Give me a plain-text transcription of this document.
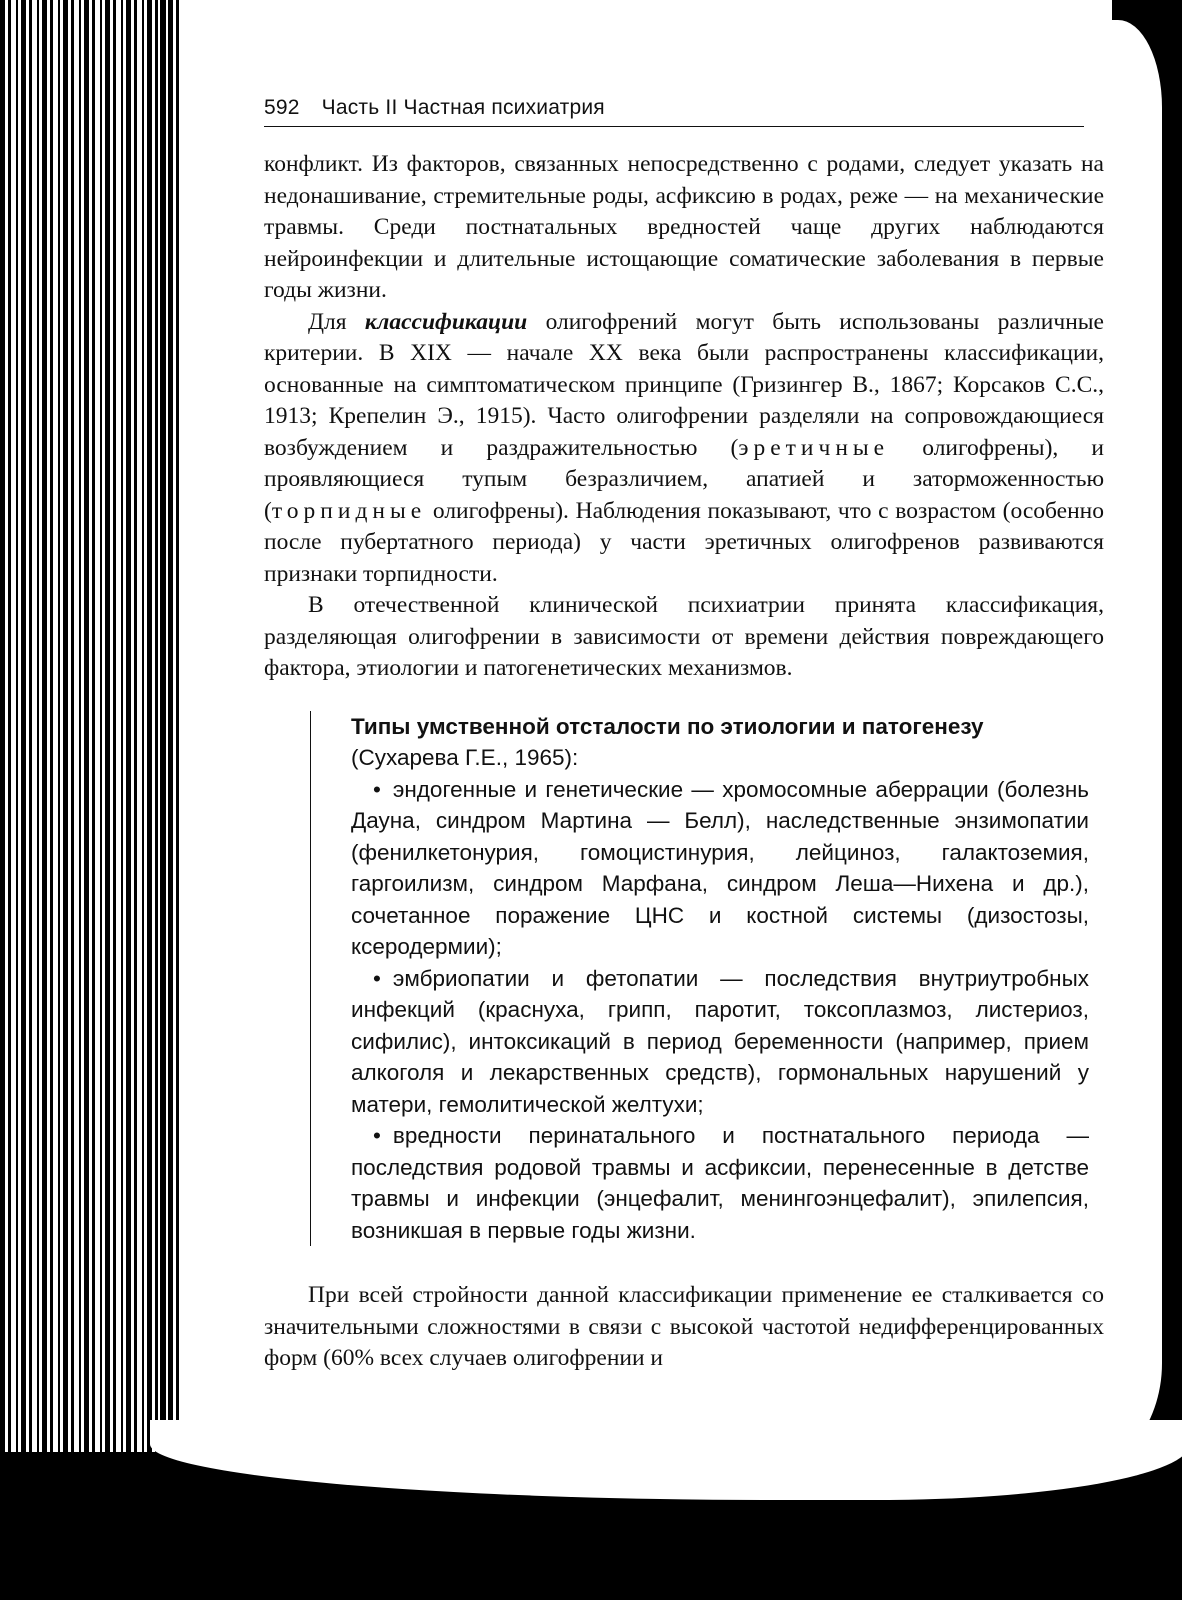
592 Часть II Частная психиатрия

конфликт. Из факторов, связанных непосредственно с родами, следует указать на недонашивание, стремительные роды, асфиксию в родах, реже — на механические травмы. Среди постнатальных вредностей чаще других наблюдаются нейроинфекции и длительные истощающие соматические заболевания в первые годы жизни.

Для классификации олигофрений могут быть использованы различные критерии. В XIX — начале XX века были распространены классификации, основанные на симптоматическом принципе (Гризингер В., 1867; Корсаков С.С., 1913; Крепелин Э., 1915). Часто олигофрении разделяли на сопровождающиеся возбуждением и раздражительностью (эретичные олигофрены), и проявляющиеся тупым безразличием, апатией и заторможенностью (торпидные олигофрены). Наблюдения показывают, что с возрастом (особенно после пубертатного периода) у части эретичных олигофренов развиваются признаки торпидности.

В отечественной клинической психиатрии принята классификация, разделяющая олигофрении в зависимости от времени действия повреждающего фактора, этиологии и патогенетических механизмов.

Типы умственной отсталости по этиологии и патогенезу
(Сухарева Г.Е., 1965):

• эндогенные и генетические — хромосомные аберрации (болезнь Дауна, синдром Мартина — Белл), наследственные энзимопатии (фенилкетонурия, гомоцистинурия, лейциноз, галактоземия, гаргоилизм, синдром Марфана, синдром Леша—Нихена и др.), сочетанное поражение ЦНС и костной системы (дизостозы, ксеродермии);

• эмбриопатии и фетопатии — последствия внутриутробных инфекций (краснуха, грипп, паротит, токсоплазмоз, листериоз, сифилис), интоксикаций в период беременности (например, прием алкоголя и лекарственных средств), гормональных нарушений у матери, гемолитической желтухи;

• вредности перинатального и постнатального периода — последствия родовой травмы и асфиксии, перенесенные в детстве травмы и инфекции (энцефалит, менингоэнцефалит), эпилепсия, возникшая в первые годы жизни.

При всей стройности данной классификации применение ее сталкивается со значительными сложностями в связи с высокой частотой недифференцированных форм (60% всех случаев олигофрении и
